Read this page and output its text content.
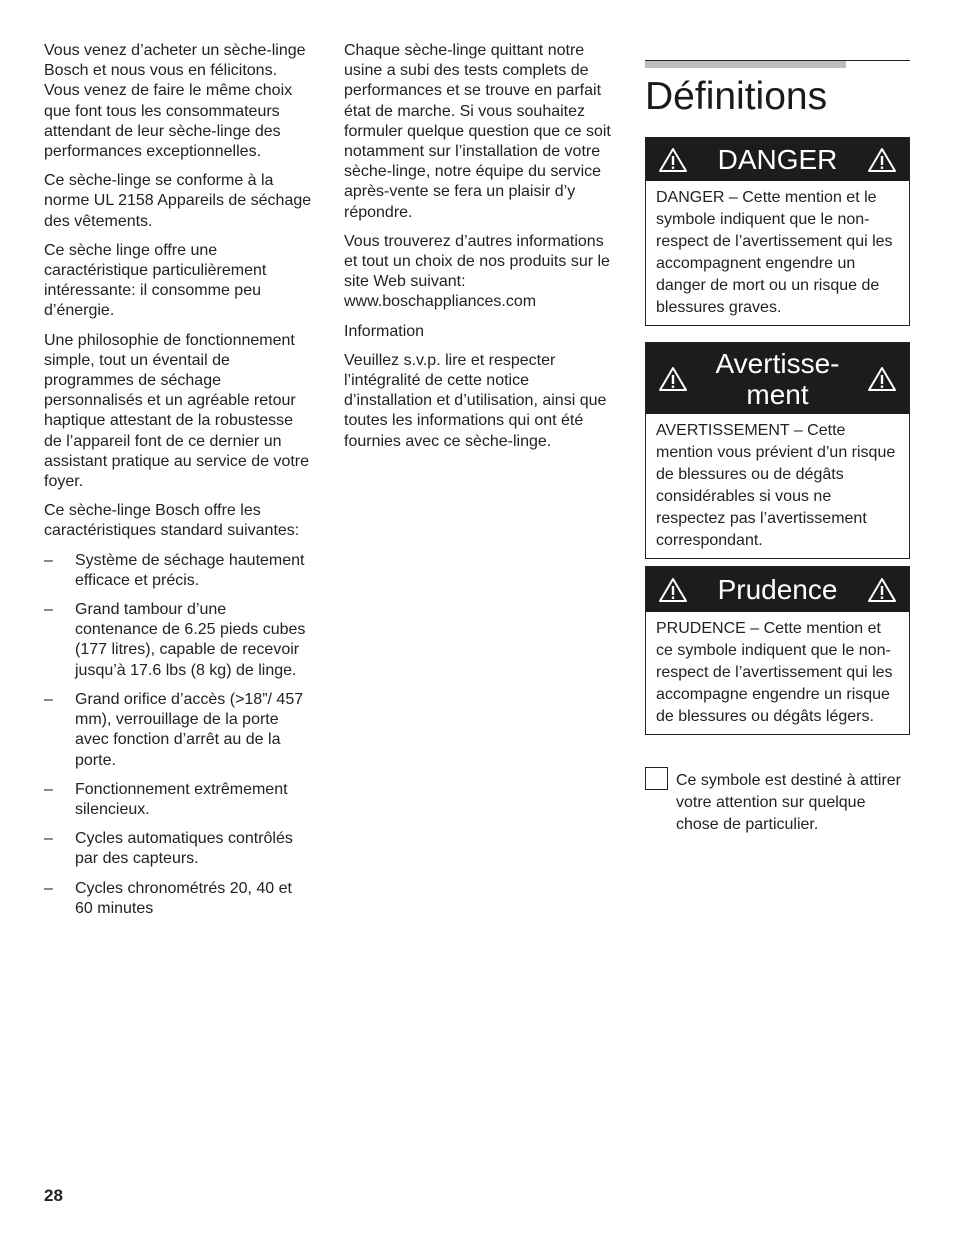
Vous venez d’acheter un sèche-linge Bosch et nous vous en félicitons. Vous venez de faire le même choix que font tous les consommateurs attendant de leur sèche-linge des performances exceptionnelles.

Ce sèche-linge se conforme à la norme UL 2158 Appareils de séchage des vêtements.

Ce sèche linge offre une caractéristique particulièrement intéressante: il consomme peu d’énergie.

Une philosophie de fonctionnement simple, tout un éventail de programmes de séchage personnalisés et un agréable retour haptique attestant de la robustesse de l’appareil font de ce dernier un assistant pratique au service de votre foyer.

Ce sèche-linge Bosch offre les caractéristiques standard suivantes:

– Système de séchage hautement efficace et précis.
– Grand tambour d’une contenance de 6.25 pieds cubes (177 litres), capable de recevoir jusqu’à 17.6 lbs (8 kg) de linge.
– Grand orifice d’accès (>18”/ 457 mm), verrouillage de la porte avec fonction d’arrêt au de la porte.
– Fonctionnement extrêmement silencieux.
– Cycles automatiques contrôlés par des capteurs.
– Cycles chronométrés 20, 40 et 60 minutes

Chaque sèche-linge quittant notre usine a subi des tests complets de performances et se trouve en parfait état de marche. Si vous souhaitez formuler quelque question que ce soit notamment sur l’installation de votre sèche-linge, notre équipe du service après-vente se fera un plaisir d’y répondre.

Vous trouverez d’autres informations et tout un choix de nos produits sur le site Web suivant: www.boschappliances.com

Information

Veuillez s.v.p. lire et respecter l’intégralité de cette notice d’installation et d’utilisation, ainsi que toutes les informations qui ont été fournies avec ce sèche-linge.

Définitions
DANGER
DANGER – Cette mention et le symbole indiquent que le non-respect de l’avertissement qui les accompagnent engendre un danger de mort ou un risque de blessures graves.
Avertisse-
ment
AVERTISSEMENT – Cette mention vous prévient d’un risque de blessures ou de dégâts considérables si vous ne respectez pas l’avertissement correspondant.
Prudence
PRUDENCE – Cette mention et ce symbole indiquent que le non-respect de l’avertissement qui les accompagne engendre un risque de blessures ou dégâts légers.
Ce symbole est destiné à attirer votre attention sur quelque chose de particulier.
28
